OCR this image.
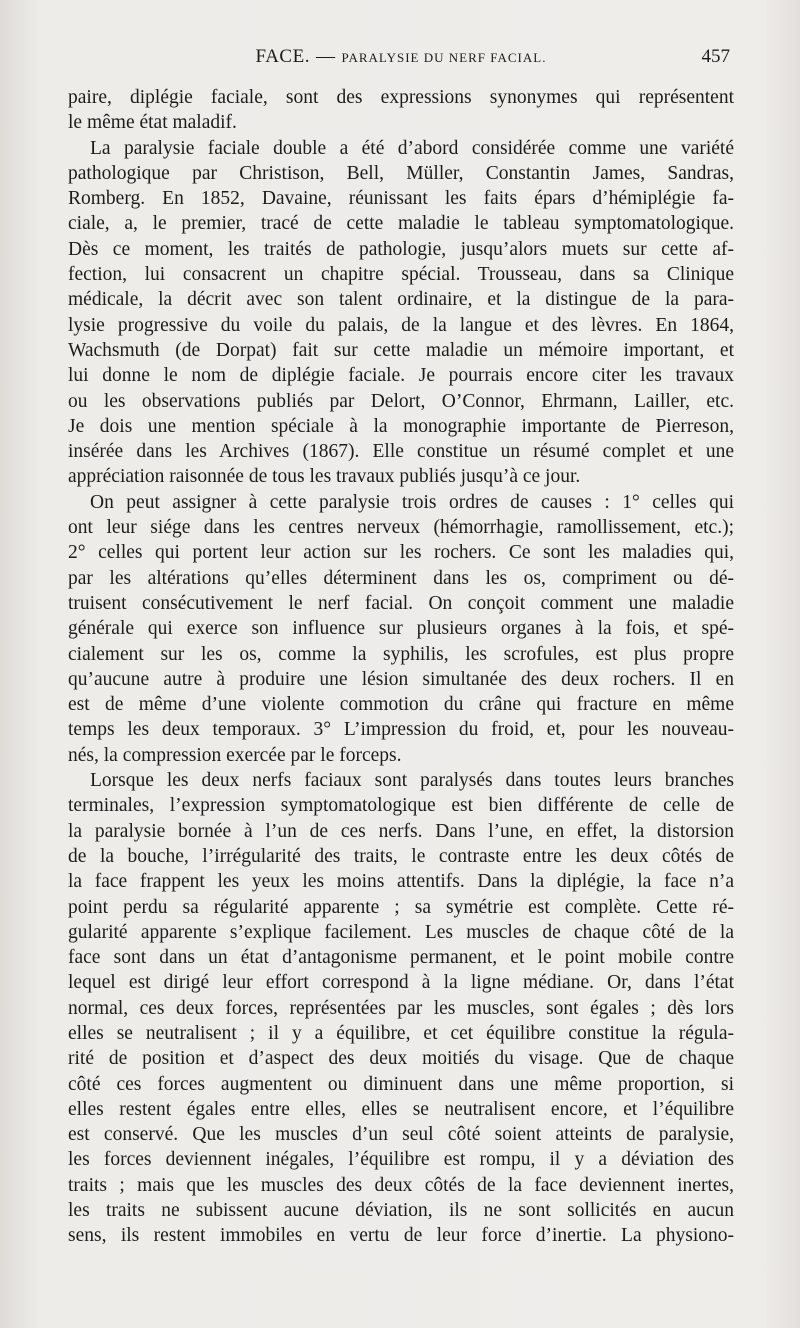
FACE. — PARALYSIE DU NERF FACIAL.	457
paire, diplégie faciale, sont des expressions synonymes qui représentent
le même état maladif.
La paralysie faciale double a été d’abord considérée comme une variété
pathologique par Christison, Bell, Müller, Constantin James, Sandras,
Romberg. En 1852, Davaine, réunissant les faits épars d’hémiplégie fa-
ciale, a, le premier, tracé de cette maladie le tableau symptomatologique.
Dès ce moment, les traités de pathologie, jusqu’alors muets sur cette af-
fection, lui consacrent un chapitre spécial. Trousseau, dans sa Clinique
médicale, la décrit avec son talent ordinaire, et la distingue de la para-
lysie progressive du voile du palais, de la langue et des lèvres. En 1864,
Wachsmuth (de Dorpat) fait sur cette maladie un mémoire important, et
lui donne le nom de diplégie faciale. Je pourrais encore citer les travaux
ou les observations publiés par Delort, O’Connor, Ehrmann, Lailler, etc.
Je dois une mention spéciale à la monographie importante de Pierreson,
insérée dans les Archives (1867). Elle constitue un résumé complet et une
appréciation raisonnée de tous les travaux publiés jusqu’à ce jour.
On peut assigner à cette paralysie trois ordres de causes : 1° celles qui
ont leur siége dans les centres nerveux (hémorrhagie, ramollissement, etc.);
2° celles qui portent leur action sur les rochers. Ce sont les maladies qui,
par les altérations qu’elles déterminent dans les os, compriment ou dé-
truisent consécutivement le nerf facial. On conçoit comment une maladie
générale qui exerce son influence sur plusieurs organes à la fois, et spé-
cialement sur les os, comme la syphilis, les scrofules, est plus propre
qu’aucune autre à produire une lésion simultanée des deux rochers. Il en
est de même d’une violente commotion du crâne qui fracture en même
temps les deux temporaux. 3° L’impression du froid, et, pour les nouveau-
nés, la compression exercée par le forceps.
Lorsque les deux nerfs faciaux sont paralysés dans toutes leurs branches
terminales, l’expression symptomatologique est bien différente de celle de
la paralysie bornée à l’un de ces nerfs. Dans l’une, en effet, la distorsion
de la bouche, l’irrégularité des traits, le contraste entre les deux côtés de
la face frappent les yeux les moins attentifs. Dans la diplégie, la face n’a
point perdu sa régularité apparente ; sa symétrie est complète. Cette ré-
gularité apparente s’explique facilement. Les muscles de chaque côté de la
face sont dans un état d’antagonisme permanent, et le point mobile contre
lequel est dirigé leur effort correspond à la ligne médiane. Or, dans l’état
normal, ces deux forces, représentées par les muscles, sont égales ; dès lors
elles se neutralisent ; il y a équilibre, et cet équilibre constitue la régula-
rité de position et d’aspect des deux moitiés du visage. Que de chaque
côté ces forces augmentent ou diminuent dans une même proportion, si
elles restent égales entre elles, elles se neutralisent encore, et l’équilibre
est conservé. Que les muscles d’un seul côté soient atteints de paralysie,
les forces deviennent inégales, l’équilibre est rompu, il y a déviation des
traits ; mais que les muscles des deux côtés de la face deviennent inertes,
les traits ne subissent aucune déviation, ils ne sont sollicités en aucun
sens, ils restent immobiles en vertu de leur force d’inertie. La physiono-
